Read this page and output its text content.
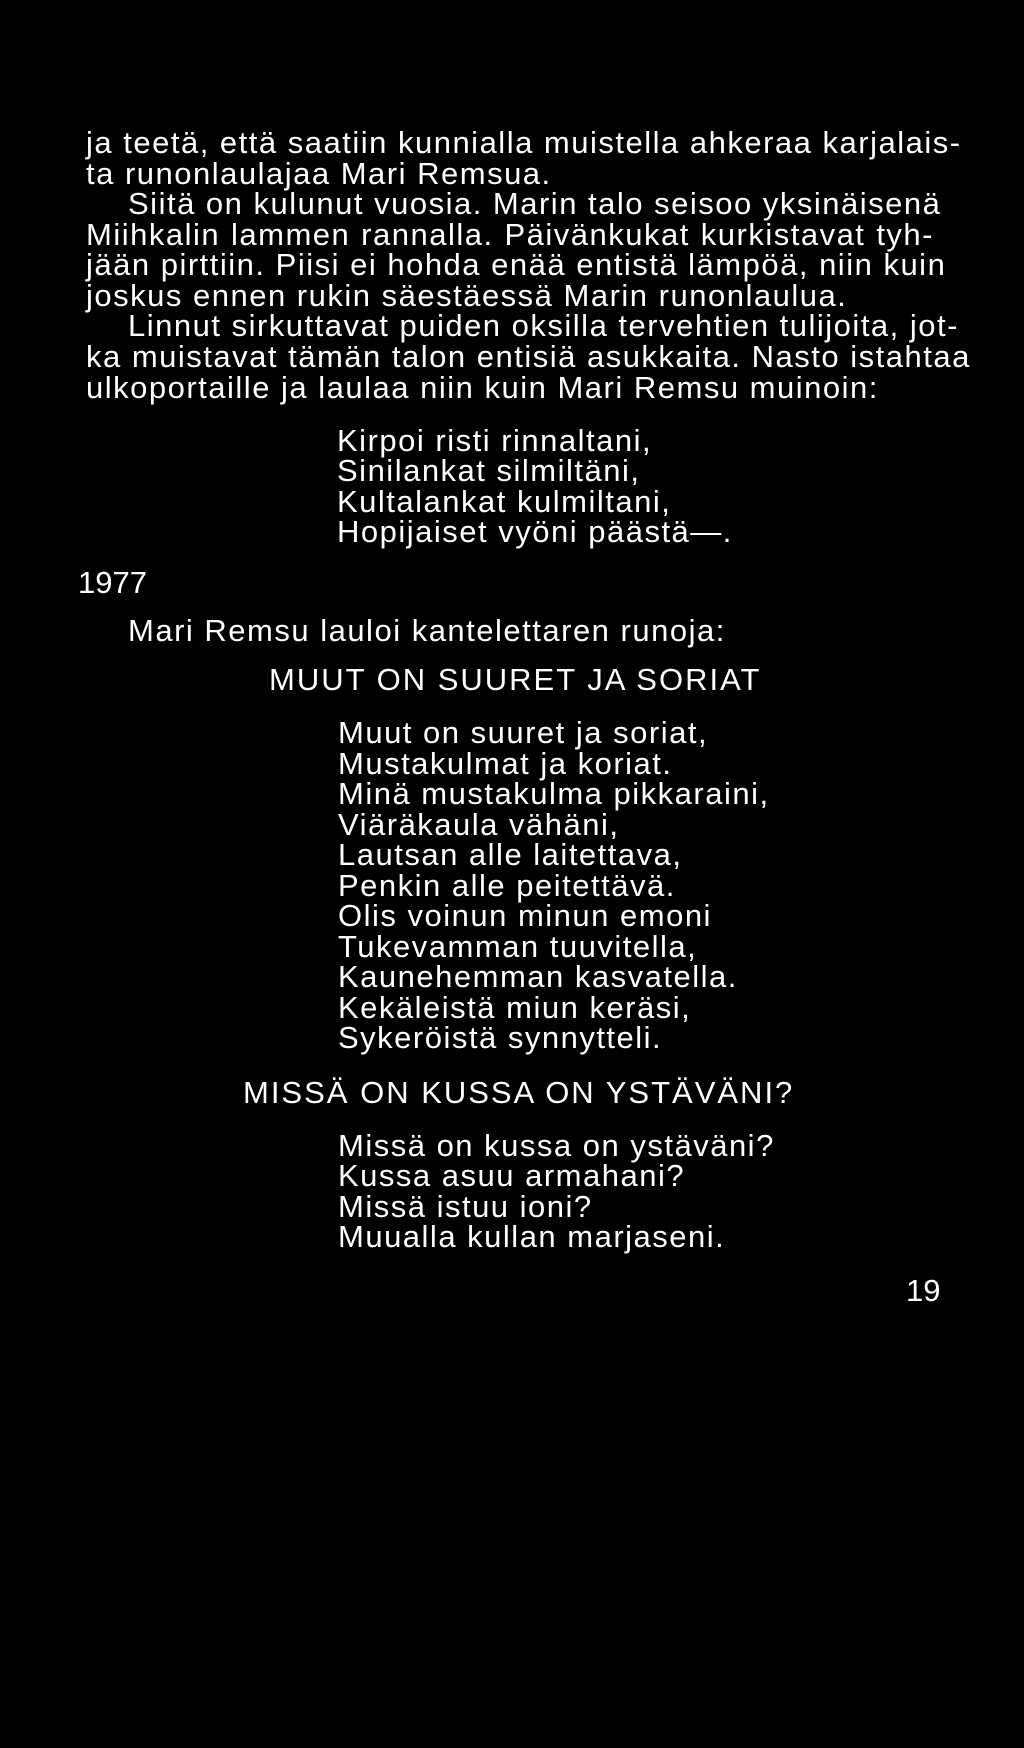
ja teetä, että saatiin kunnialla muistella ahkeraa karjalais-
ta runonlaulajaa Mari Remsua.
Siitä on kulunut vuosia. Marin talo seisoo yksinäisenä
Miihkalin lammen rannalla. Päivänkukat kurkistavat tyh-
jään pirttiin. Piisi ei hohda enää entistä lämpöä, niin kuin
joskus ennen rukin säestäessä Marin runonlaulua.
Linnut sirkuttavat puiden oksilla tervehtien tulijoita, jot-
ka muistavat tämän talon entisiä asukkaita. Nasto istahtaa
ulkoportaille ja laulaa niin kuin Mari Remsu muinoin:
Kirpoi risti rinnaltani,
Sinilankat silmiltäni,
Kultalankat kulmiltani,
Hopijaiset vyöni päästä—.
1977
Mari Remsu lauloi kantelettaren runoja:
MUUT ON SUURET JA SORIAT
Muut on suuret ja soriat,
Mustakulmat ja koriat.
Minä mustakulma pikkaraini,
Viäräkaula vähäni,
Lautsan alle laitettava,
Penkin alle peitettävä.
Olis voinun minun emoni
Tukevamman tuuvitella,
Kaunehemman kasvatella.
Kekäleistä miun keräsi,
Sykeröistä synnytteli.
MISSÄ ON KUSSA ON YSTÄVÄNI?
Missä on kussa on ystäväni?
Kussa asuu armahani?
Missä istuu ioni?
Muualla kullan marjaseni.
19
